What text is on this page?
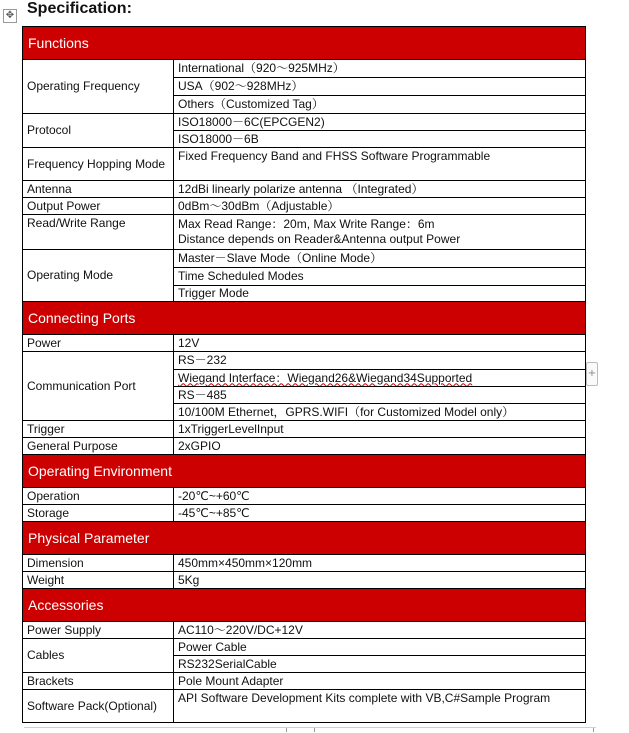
✥ Specification:
Functions	
Operating Frequency	International（920～925MHz）
	USA（902～928MHz）
	Others（Customized Tag）
Protocol	ISO18000－6C(EPCGEN2)
	ISO18000－6B
Frequency Hopping Mode	Fixed Frequency Band and FHSS Software Programmable
Antenna	12dBi linearly polarize antenna （Integrated）
Output Power	0dBm～30dBm（Adjustable）
Read/Write Range	Max Read Range：20m, Max Write Range：6m
Distance depends on Reader&Antenna output Power

Operating Mode	Master－Slave Mode（Online Mode）
	Time Scheduled Modes
	Trigger Mode
Connecting Ports	
Power	12V
Communication Port	RS－232
	Wiegand Interface：Wiegand26&Wiegand34Supported
	RS－485
	10/100M Ethernet，GPRS.WIFI（for Customized Model only）
Trigger	1xTriggerLevelInput
General Purpose	2xGPIO
Operating Environment	
Operation	-20℃~+60℃
Storage	-45℃~+85℃
Physical Parameter	
Dimension	450mm×450mm×120mm
Weight	5Kg
Accessories	
Power Supply	AC110～220V/DC+12V
Cables	Power Cable
	RS232SerialCable
Brackets	Pole Mount Adapter
Software Pack(Optional)	API Software Development Kits complete with VB,C#Sample Program
+
